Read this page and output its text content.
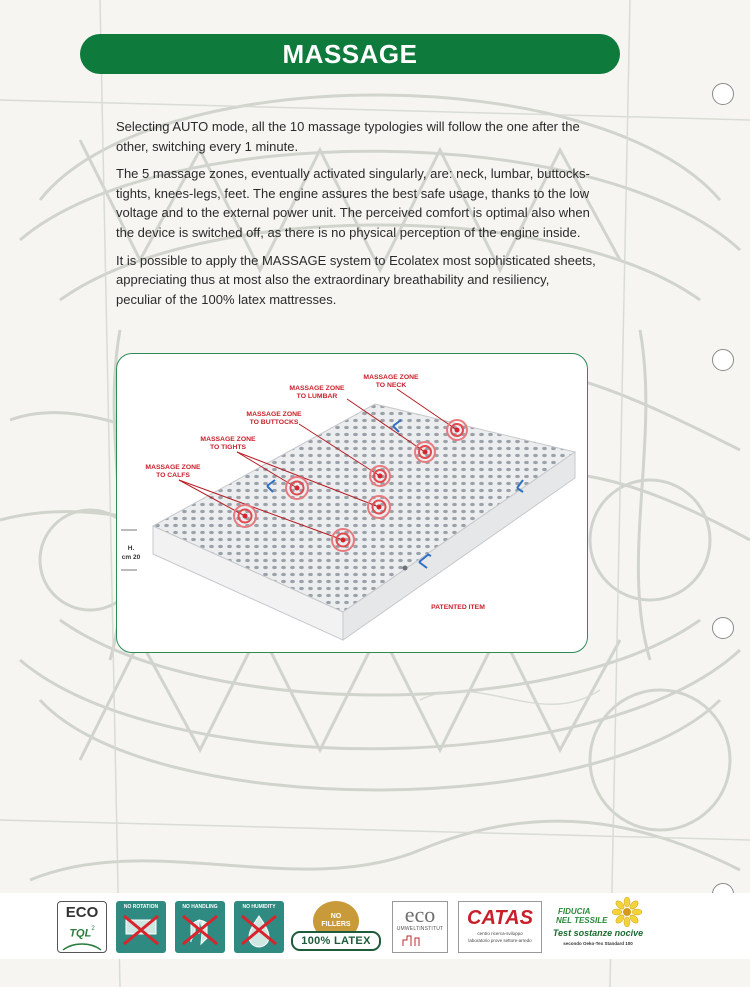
MASSAGE

Selecting AUTO mode, all the 10 massage typologies will follow the one after the other, switching every 1 minute.

The 5 massage zones, eventually activated singularly, are: neck, lumbar, buttocks-tights, knees-legs, feet. The engine assures the best safe usage, thanks to the low voltage and to the external power unit. The perceived comfort is optimal also when the device is switched off, as there is no physical perception of the engine inside.

It is possible to apply the MASSAGE system to Ecolatex most sophisticated sheets, appreciating thus at most also the extraordinary breathability and resiliency, peculiar of the 100% latex mattresses.

H.
cm 20
MASSAGE ZONE
TO NECK
MASSAGE ZONE
TO LUMBAR
MASSAGE ZONE
TO BUTTOCKS
MASSAGE ZONE
TO TIGHTS
MASSAGE ZONE
TO CALFS
PATENTED ITEM
ECO
TQL$^2$
NO ROTATION	NO HANDLING	NO HUMIDITY
NO
FILLERS
100% LATEX
eco
UMWELTINSTITUT	CATAS
centro ricerca-sviluppo
laboratorio prove settore-arredo
FIDUCIA
NEL TESSILE
Test sostanze nocive
secondo Oeko-Tex Standard 100
